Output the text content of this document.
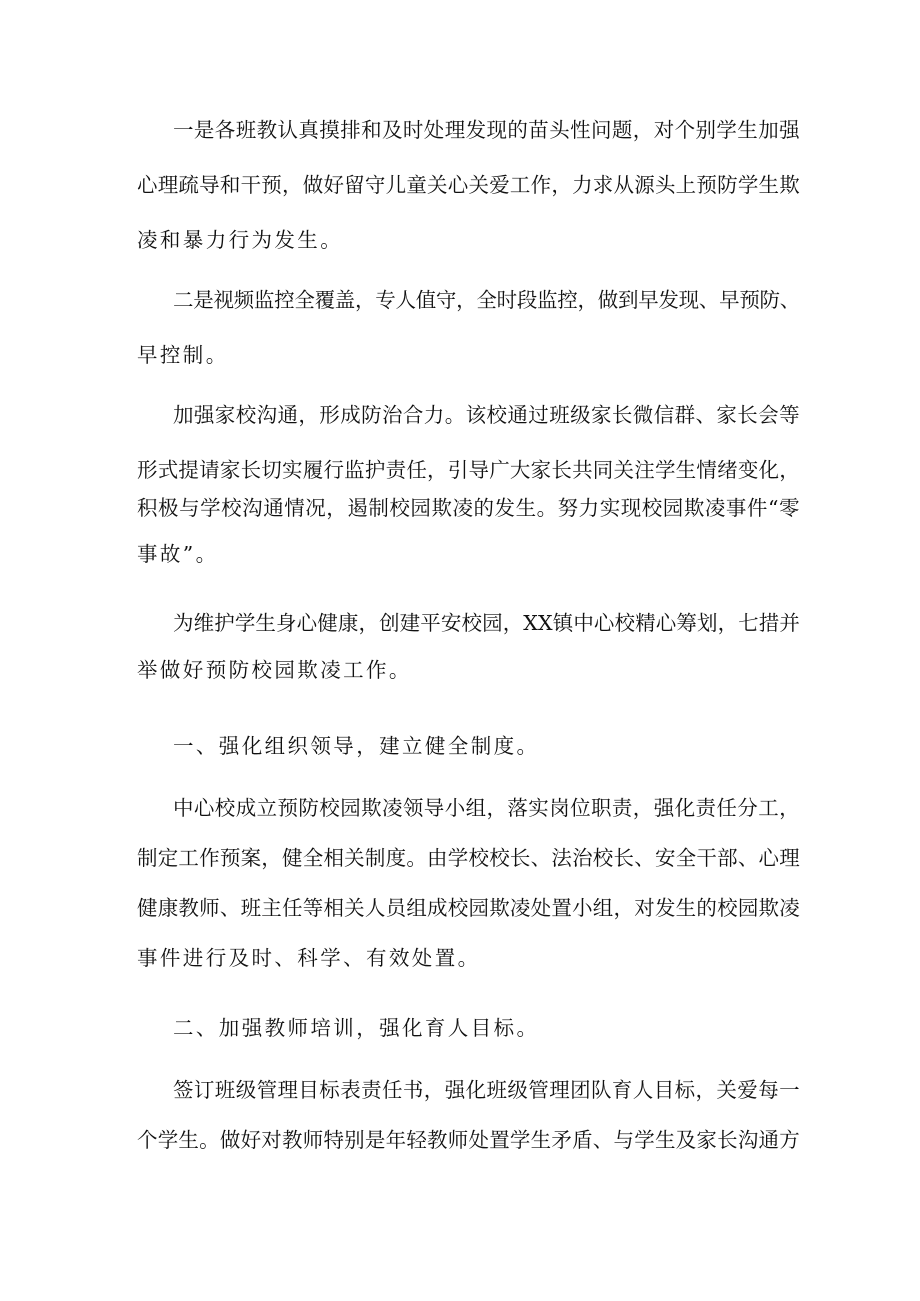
一是各班教认真摸排和及时处理发现的苗头性问题，对个别学生加强

心理疏导和干预，做好留守儿童关心关爱工作，力求从源头上预防学生欺

凌和暴力行为发生。

二是视频监控全覆盖，专人值守，全时段监控，做到早发现、早预防、

早控制。

加强家校沟通，形成防治合力。该校通过班级家长微信群、家长会等

形式提请家长切实履行监护责任，引导广大家长共同关注学生情绪变化，

积极与学校沟通情况，遏制校园欺凌的发生。努力实现校园欺凌事件“零

事故”。

为维护学生身心健康，创建平安校园，XX镇中心校精心筹划，七措并

举做好预防校园欺凌工作。

一、强化组织领导，建立健全制度。

中心校成立预防校园欺凌领导小组，落实岗位职责，强化责任分工，

制定工作预案，健全相关制度。由学校校长、法治校长、安全干部、心理

健康教师、班主任等相关人员组成校园欺凌处置小组，对发生的校园欺凌

事件进行及时、科学、有效处置。

二、加强教师培训，强化育人目标。

签订班级管理目标表责任书，强化班级管理团队育人目标，关爱每一

个学生。做好对教师特别是年轻教师处置学生矛盾、与学生及家长沟通方
